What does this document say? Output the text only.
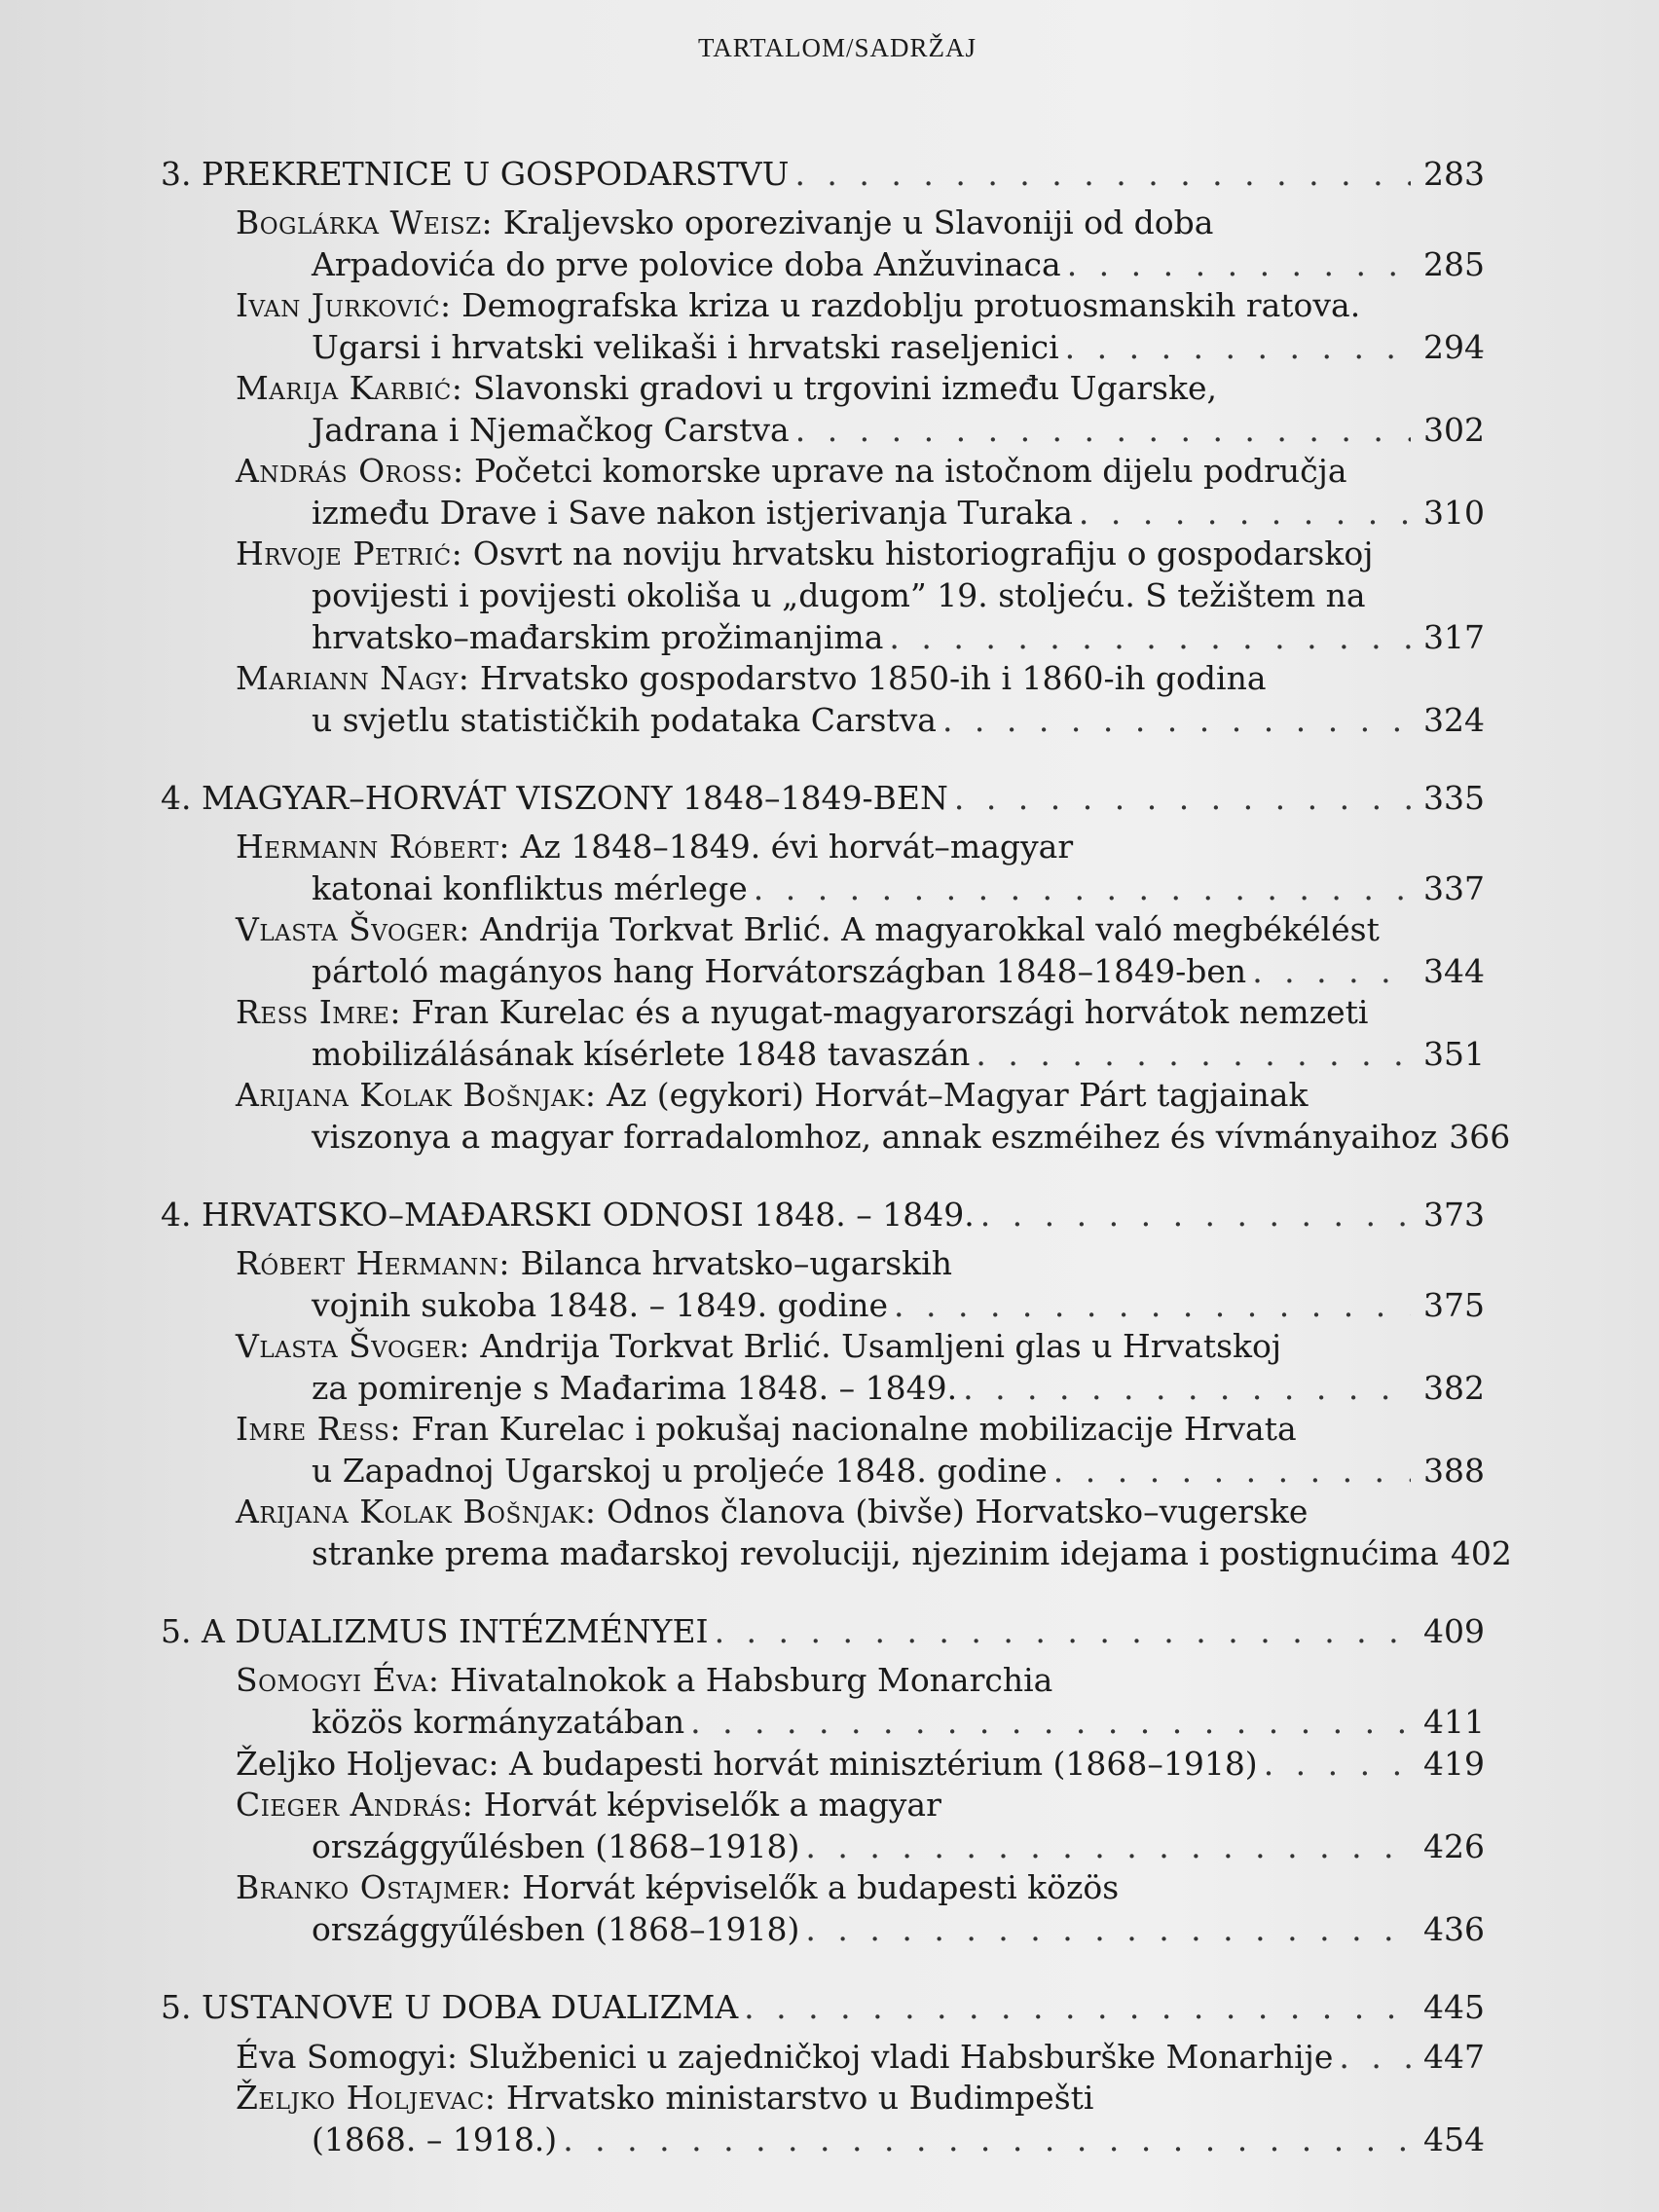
TARTALOM/SADRŽAJ
3. PREKRETNICE U GOSPODARSTVU . . .	283
Boglárka Weisz: Kraljevsko oporezivanje u Slavoniji od doba
Arpadovića do prve polovice doba Anžuvinaca . . .	285
Ivan Jurković: Demografska kriza u razdoblju protuosmanskih ratova.
Ugarsi i hrvatski velikaši i hrvatski raseljenici . . .	294
Marija Karbić: Slavonski gradovi u trgovini između Ugarske,
Jadrana i Njemačkog Carstva . . .	302
András Oross: Početci komorske uprave na istočnom dijelu područja
između Drave i Save nakon istjerivanja Turaka . . .	310
Hrvoje Petrić: Osvrt na noviju hrvatsku historiografiju o gospodarskoj
povijesti i povijesti okoliša u „dugom” 19. stoljeću. S težištem na
hrvatsko–mađarskim prožimanjima . . .	317
Mariann Nagy: Hrvatsko gospodarstvo 1850-ih i 1860-ih godina
u svjetlu statističkih podataka Carstva . . .	324
4. MAGYAR–HORVÁT VISZONY 1848–1849-BEN . . .	335
Hermann Róbert: Az 1848–1849. évi horvát–magyar
katonai konfliktus mérlege . . .	337
Vlasta Švoger: Andrija Torkvat Brlić. A magyarokkal való megbékélést
pártoló magányos hang Horvátországban 1848–1849-ben . . .	344
Ress Imre: Fran Kurelac és a nyugat-magyarországi horvátok nemzeti
mobilizálásának kísérlete 1848 tavaszán . . .	351
Arijana Kolak Bošnjak: Az (egykori) Horvát–Magyar Párt tagjainak
viszonya a magyar forradalomhoz, annak eszméihez és vívmányaihoz 366
4. HRVATSKO–MAĐARSKI ODNOSI 1848. – 1849. . . .	373
Róbert Hermann: Bilanca hrvatsko–ugarskih
vojnih sukoba 1848. – 1849. godine . . .	375
Vlasta Švoger: Andrija Torkvat Brlić. Usamljeni glas u Hrvatskoj
za pomirenje s Mađarima 1848. – 1849. . . .	382
Imre Ress: Fran Kurelac i pokušaj nacionalne mobilizacije Hrvata
u Zapadnoj Ugarskoj u proljeće 1848. godine . . .	388
Arijana Kolak Bošnjak: Odnos članova (bivše) Horvatsko–vugerske
stranke prema mađarskoj revoluciji, njezinim idejama i postignućima 402
5. A DUALIZMUS INTÉZMÉNYEI . . .	409
Somogyi Éva: Hivatalnokok a Habsburg Monarchia
közös kormányzatában . . .	411
Željko Holjevac: A budapesti horvát minisztérium (1868–1918) . . .	419
Cieger András: Horvát képviselők a magyar
országgyűlésben (1868–1918) . . .	426
Branko Ostajmer: Horvát képviselők a budapesti közös
országgyűlésben (1868–1918) . . .	436
5. USTANOVE U DOBA DUALIZMA . . .	445
Éva Somogyi: Službenici u zajedničkoj vladi Habsburške Monarhije . . .	447
Željko Holjevac: Hrvatsko ministarstvo u Budimpešti
(1868. – 1918.) . . .	454
